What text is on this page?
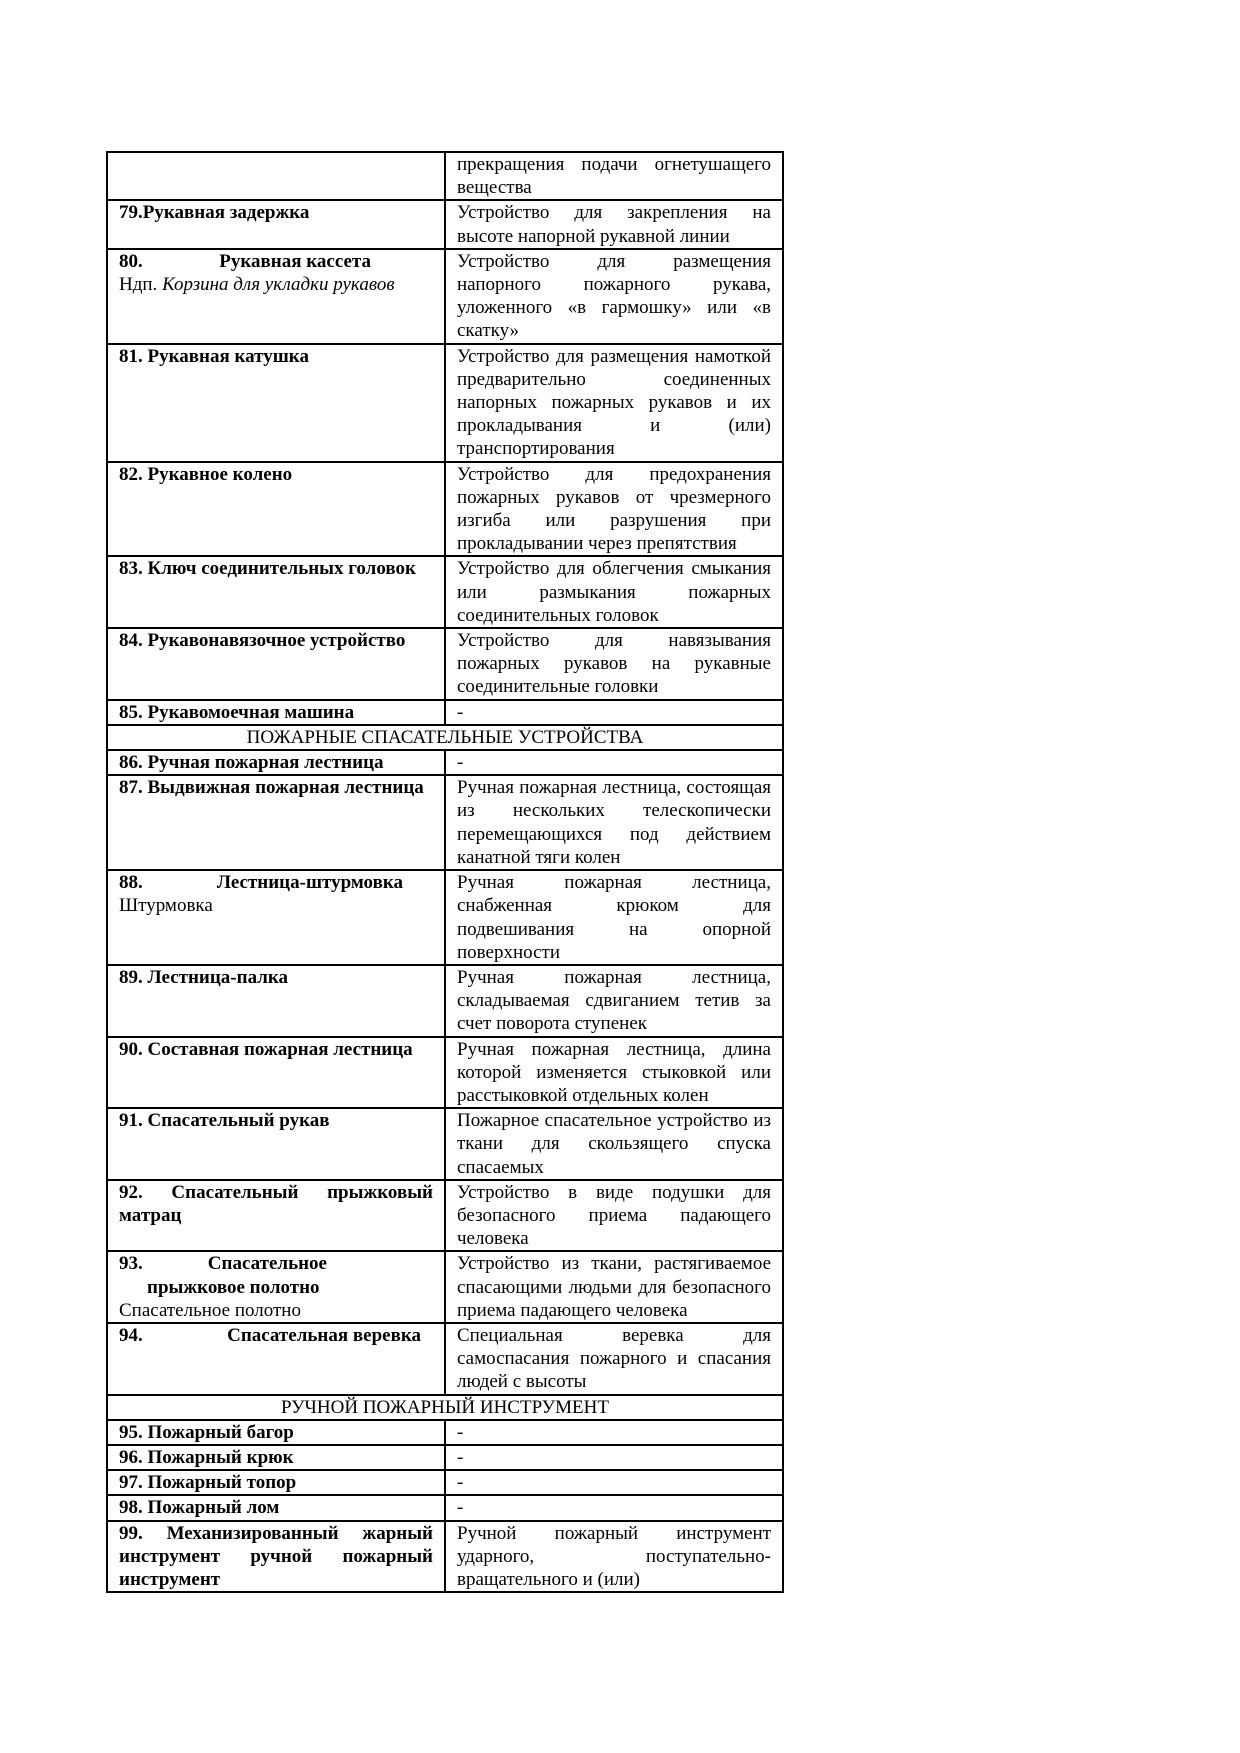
	прекращения подачи огнетушащего вещества
79.Рукавная задержка	Устройство для закрепления на высоте напорной рукавной линии

80. Рукавная кассета
Ндп. Корзина для укладки рукавов	Устройство для размещения напорного пожарного рукава, уложенного «в гармошку» или «в скатку»
81. Рукавная катушка	Устройство для размещения намоткой предварительно соединенных напорных пожарных рукавов и их прокладывания и (или) транспортирования
82. Рукавное колено	Устройство для предохранения пожарных рукавов от чрезмерного изгиба или разрушения при прокладывании через препятствия
83. Ключ соединительных головок	Устройство для облегчения смыкания или размыкания пожарных соединительных головок
84. Рукавонавязочное устройство	Устройство для навязывания пожарных рукавов на рукавные соединительные головки
85. Рукавомоечная машина	-
ПОЖАРНЫЕ СПАСАТЕЛЬНЫЕ УСТРОЙСТВА	
86. Ручная пожарная лестница	-
87. Выдвижная пожарная лестница	Ручная пожарная лестница, состоящая из нескольких телескопически перемещающихся под действием канатной тяги колен

88. Лестница-штурмовка
Штурмовка	Ручная пожарная лестница, снабженная крюком для подвешивания на опорной поверхности
89. Лестница-палка	Ручная пожарная лестница, складываемая сдвиганием тетив за счет поворота ступенек
90. Составная пожарная лестница	Ручная пожарная лестница, длина которой изменяется стыковкой или расстыковкой отдельных колен
91. Спасательный рукав	Пожарное спасательное устройство из ткани для скользящего спуска спасаемых
92. Спасательный прыжковый матрац	Устройство в виде подушки для безопасного приема падающего человека

93. Спасательное
прыжковое полотно
Спасательное полотно	Устройство из ткани, растягиваемое спасающими людьми для безопасного приема падающего человека

94. Спасательная веревка	Специальная веревка для самоспасания пожарного и спасания людей с высоты
РУЧНОЙ ПОЖАРНЫЙ ИНСТРУМЕНТ	
95. Пожарный багор	-
96. Пожарный крюк	-
97. Пожарный топор	-
98. Пожарный лом	-
99. Механизированный жарный инструмент ручной пожарный инструмент	Ручной пожарный инструмент ударного, поступательно-вращательного и (или)
